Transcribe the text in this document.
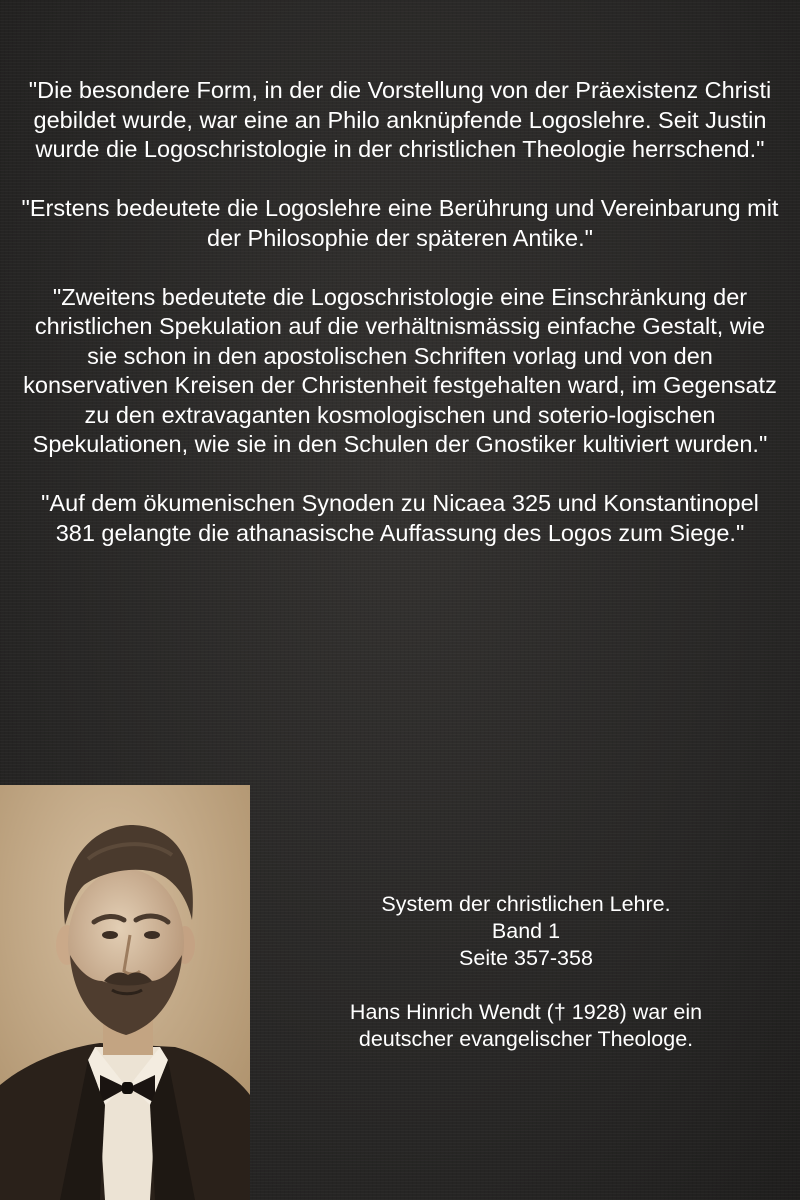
"Die besondere Form, in der die Vorstellung von der Präexistenz Christi gebildet wurde, war eine an Philo anknüpfende Logoslehre. Seit Justin wurde die Logoschristologie in der christlichen Theologie herrschend."

"Erstens bedeutete die Logoslehre eine Berührung und Vereinbarung mit der Philosophie der späteren Antike."

"Zweitens bedeutete die Logoschristologie eine Einschränkung der christlichen Spekulation auf die verhältnismässig einfache Gestalt, wie sie schon in den apostolischen Schriften vorlag und von den konservativen Kreisen der Christenheit festgehalten ward, im Gegensatz zu den extravaganten kosmologischen und soterio-logischen Spekulationen, wie sie in den Schulen der Gnostiker kultiviert wurden."

"Auf dem ökumenischen Synoden zu Nicaea 325 und Konstantinopel 381 gelangte die athanasische Auffassung des Logos zum Siege."

System der christlichen Lehre.
Band 1
Seite 357-358
Hans Hinrich Wendt († 1928) war ein
deutscher evangelischer Theologe.
